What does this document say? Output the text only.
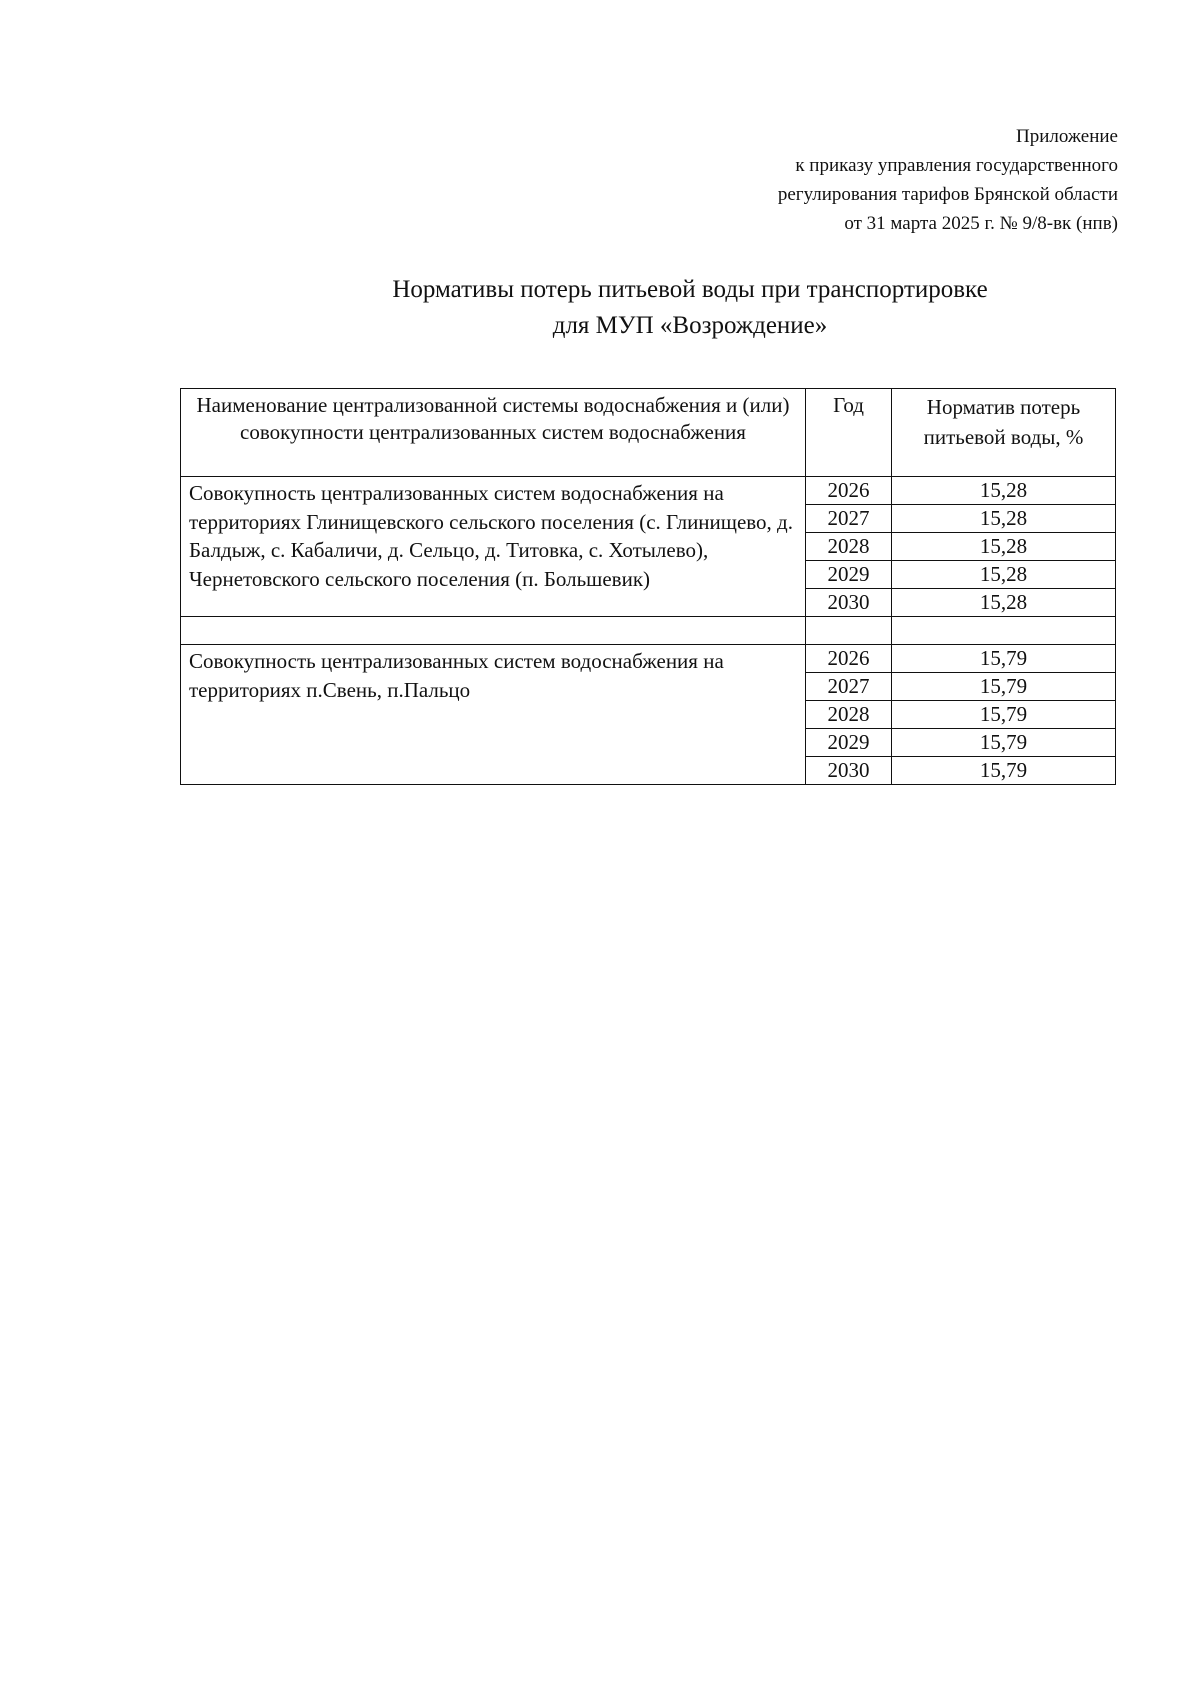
Приложение
к приказу управления государственного
регулирования тарифов Брянской области
от 31 марта 2025 г. № 9/8-вк (нпв)
Нормативы потерь питьевой воды при транспортировке
для МУП «Возрождение»
Наименование централизованной системы водоснабжения и (или) совокупности централизованных систем водоснабжения	Год	Норматив потерь питьевой воды, %
Совокупность централизованных систем водоснабжения на территориях Глинищевского сельского поселения (с. Глинищево, д. Балдыж, с. Кабаличи, д. Сельцо, д. Титовка, с. Хотылево), Чернетовского сельского поселения (п. Большевик)	2026	15,28
	2027	15,28
	2028	15,28
	2029	15,28
	2030	15,28

Совокупность централизованных систем водоснабжения на территориях п.Свень, п.Пальцо	2026	15,79
	2027	15,79
	2028	15,79
	2029	15,79
	2030	15,79
